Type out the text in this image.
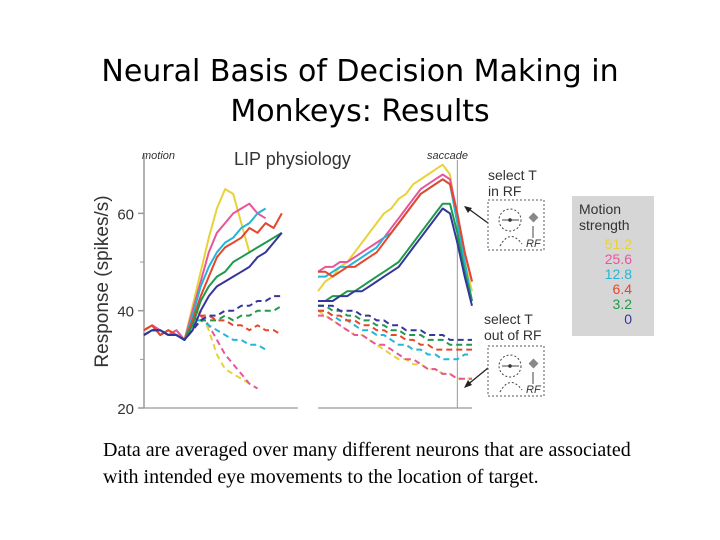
Neural Basis of Decision Making in
Monkeys: Results
20
40
60
Response (spikes/s)
motion	saccade
LIP physiology
select T
in RF
select T
out of RF
RF
RF
Motion
strength
51.2
25.6
12.8
6.4
3.2
0
Data are averaged over many different neurons that are associated with intended eye movements to the location of target.
